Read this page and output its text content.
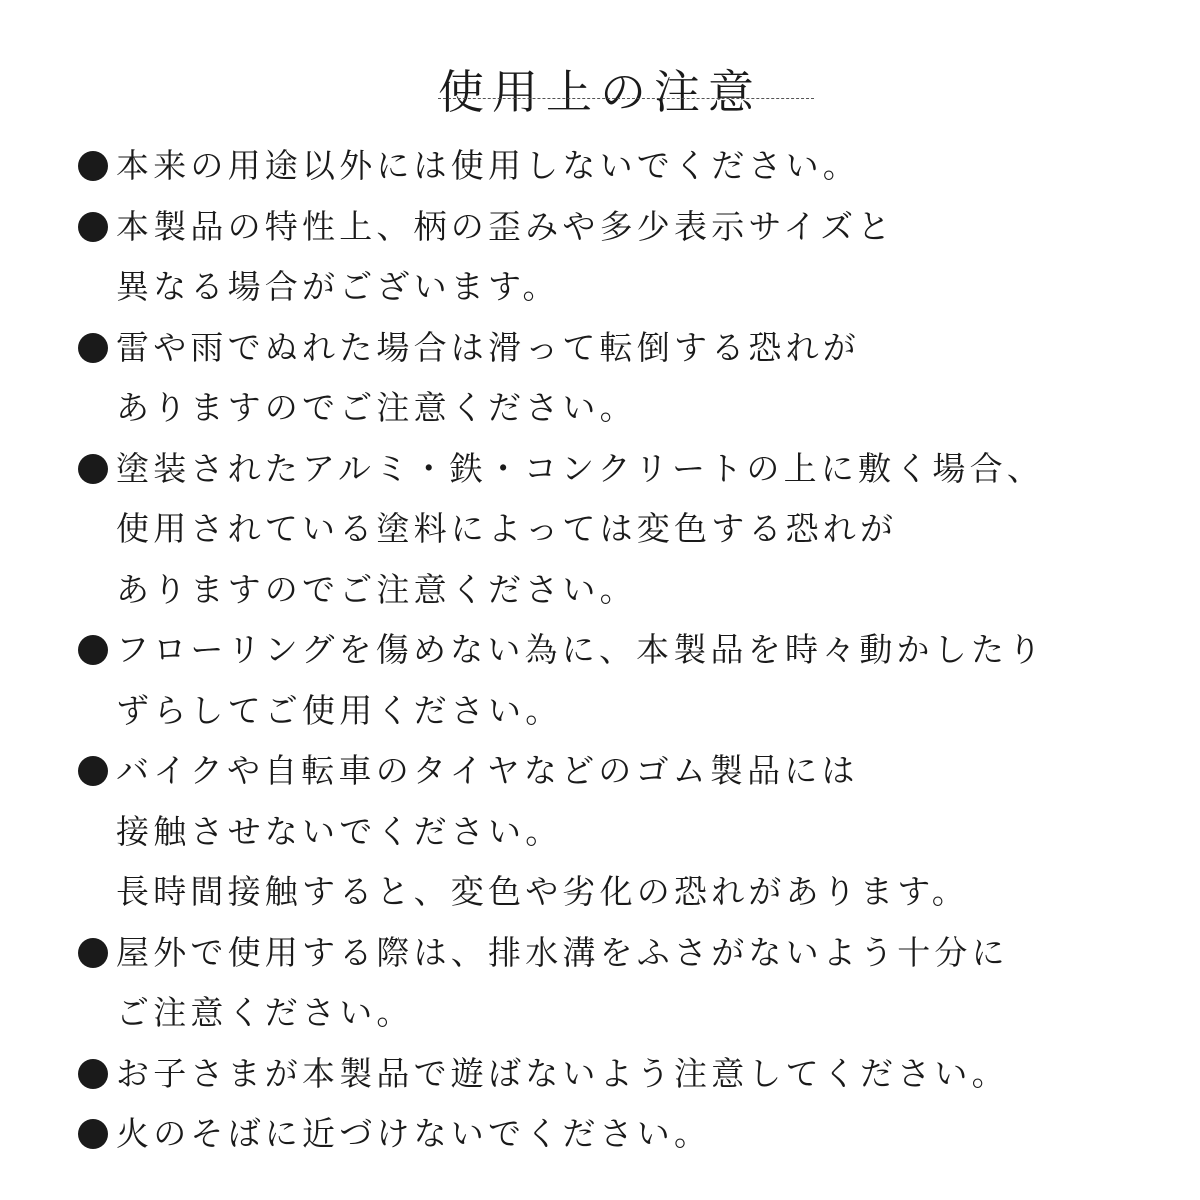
使用上の注意
本来の用途以外には使用しないでください。
本製品の特性上、柄の歪みや多少表示サイズと
異なる場合がございます。
雷や雨でぬれた場合は滑って転倒する恐れが
ありますのでご注意ください。
塗装されたアルミ・鉄・コンクリートの上に敷く場合、
使用されている塗料によっては変色する恐れが
ありますのでご注意ください。
フローリングを傷めない為に、本製品を時々動かしたり
ずらしてご使用ください。
バイクや自転車のタイヤなどのゴム製品には
接触させないでください。
長時間接触すると、変色や劣化の恐れがあります。
屋外で使用する際は、排水溝をふさがないよう十分に
ご注意ください。
お子さまが本製品で遊ばないよう注意してください。
火のそばに近づけないでください。
